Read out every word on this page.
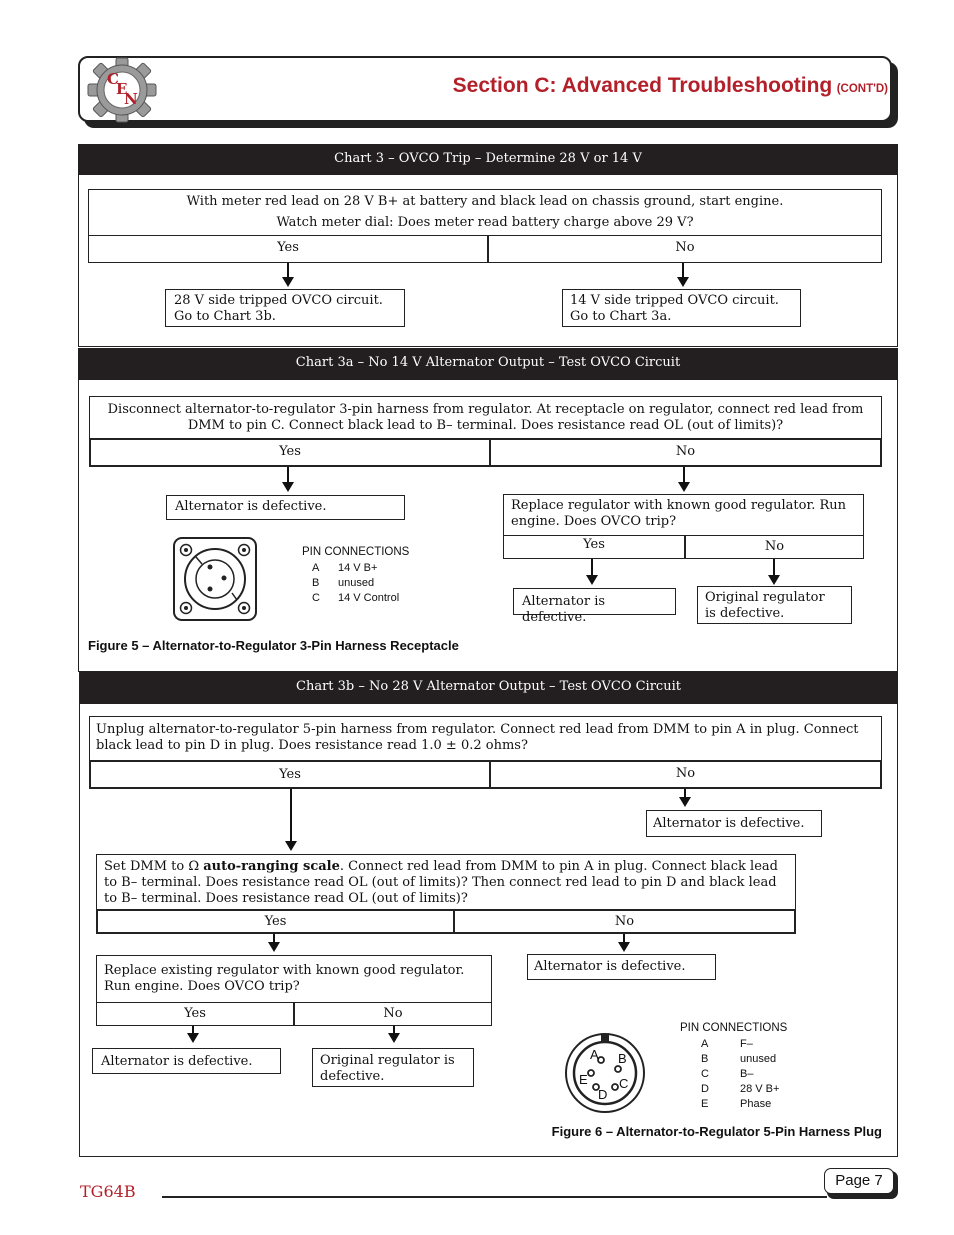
C
E
N
Section C: Advanced Troubleshooting (CONT'D)
Chart 3 – OVCO Trip – Determine 28 V or 14 V
With meter red lead on 28 V B+ at battery and black lead on chassis ground, start engine.
Watch meter dial: Does meter read battery charge above 29 V?
Yes	No
28 V side tripped OVCO circuit.
Go to Chart 3b.
14 V side tripped OVCO circuit.
Go to Chart 3a.
Chart 3a – No 14 V Alternator Output – Test OVCO Circuit
Disconnect alternator-to-regulator 3-pin harness from regulator. At receptacle on regulator, connect red lead from DMM to pin C. Connect black lead to B– terminal. Does resistance read OL (out of limits)?
Yes	No
Alternator is defective.	Replace regulator with known good regulator. Run engine. Does OVCO trip?
Yes	No
Alternator is defective.
Original regulator
is defective.
PIN CONNECTIONS
A 14 V B+
B unused
C 14 V Control
Figure 5 – Alternator-to-Regulator 3-Pin Harness Receptacle
Chart 3b – No 28 V Alternator Output – Test OVCO Circuit
Unplug alternator-to-regulator 5-pin harness from regulator. Connect red lead from DMM to pin A in plug. Connect black lead to pin D in plug. Does resistance read 1.0 ± 0.2 ohms?
Yes	No
Alternator is defective.
Set DMM to Ω auto-ranging scale. Connect red lead from DMM to pin A in plug. Connect black lead to B– terminal. Does resistance read OL (out of limits)? Then connect red lead to pin D and black lead to B– terminal. Does resistance read OL (out of limits)?
Yes	No
Alternator is defective.
Replace existing regulator with known good regulator. Run engine. Does OVCO trip?
Yes	No
Alternator is defective.	Original regulator is defective.
A B
C
D
E
PIN CONNECTIONS
A	F–
B	unused
C	B–
D	28 V B+
E	Phase
Figure 6 – Alternator-to-Regulator 5-Pin Harness Plug
TG64B
Page 7
